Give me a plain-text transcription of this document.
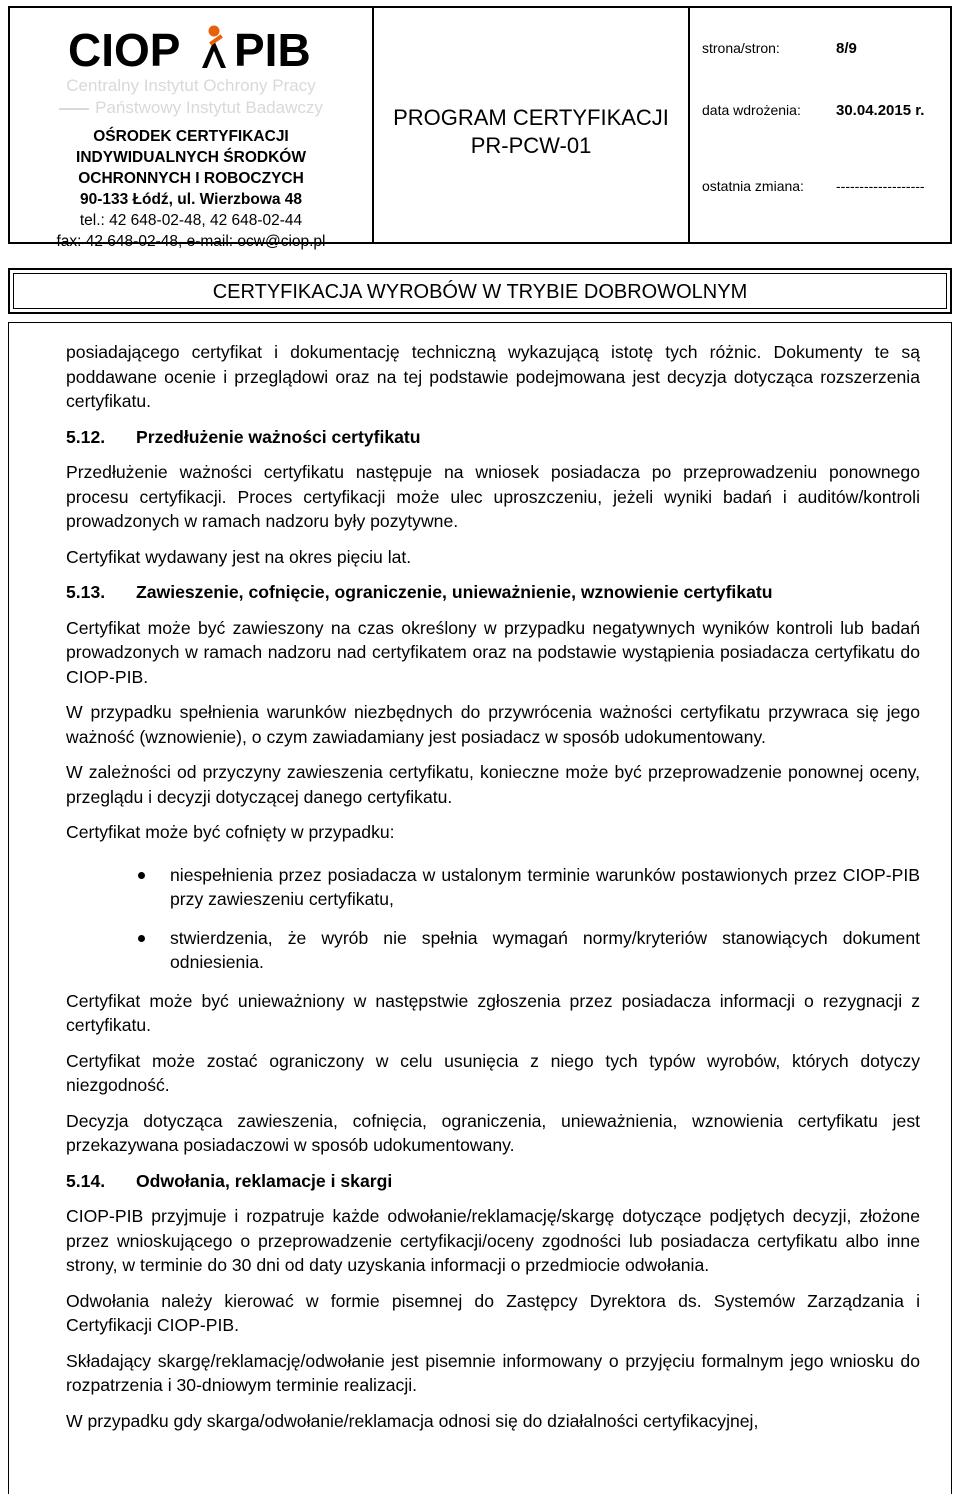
CIOP PIB
Centralny Instytut Ochrony Pracy
Państwowy Instytut Badawczy
OŚRODEK CERTYFIKACJI
INDYWIDUALNYCH ŚRODKÓW
OCHRONNYCH I ROBOCZYCH
90-133 Łódź, ul. Wierzbowa 48
tel.: 42 648-02-48, 42 648-02-44
fax: 42 648-02-48, e-mail: ocw@ciop.pl
PROGRAM CERTYFIKACJI
PR-PCW-01
strona/stron:	8/9
data wdrożenia: 30.04.2015 r.
ostatnia zmiana: -------------------
CERTYFIKACJA WYROBÓW W TRYBIE DOBROWOLNYM

posiadającego certyfikat i dokumentację techniczną wykazującą istotę tych różnic. Dokumenty te są poddawane ocenie i przeglądowi oraz na tej podstawie podejmowana jest decyzja dotycząca rozszerzenia certyfikatu.

5.12. Przedłużenie ważności certyfikatu

Przedłużenie ważności certyfikatu następuje na wniosek posiadacza po przeprowadzeniu ponownego procesu certyfikacji. Proces certyfikacji może ulec uproszczeniu, jeżeli wyniki badań i auditów/kontroli prowadzonych w ramach nadzoru były pozytywne.

Certyfikat wydawany jest na okres pięciu lat.

5.13. Zawieszenie, cofnięcie, ograniczenie, unieważnienie, wznowienie certyfikatu

Certyfikat może być zawieszony na czas określony w przypadku negatywnych wyników kontroli lub badań prowadzonych w ramach nadzoru nad certyfikatem oraz na podstawie wystąpienia posiadacza certyfikatu do CIOP-PIB.

W przypadku spełnienia warunków niezbędnych do przywrócenia ważności certyfikatu przywraca się jego ważność (wznowienie), o czym zawiadamiany jest posiadacz w sposób udokumentowany.

W zależności od przyczyny zawieszenia certyfikatu, konieczne może być przeprowadzenie ponownej oceny, przeglądu i decyzji dotyczącej danego certyfikatu.

Certyfikat może być cofnięty w przypadku:

niespełnienia przez posiadacza w ustalonym terminie warunków postawionych przez CIOP-PIB przy zawieszeniu certyfikatu,
stwierdzenia, że wyrób nie spełnia wymagań normy/kryteriów stanowiących dokument odniesienia.

Certyfikat może być unieważniony w następstwie zgłoszenia przez posiadacza informacji o rezygnacji z certyfikatu.

Certyfikat może zostać ograniczony w celu usunięcia z niego tych typów wyrobów, których dotyczy niezgodność.

Decyzja dotycząca zawieszenia, cofnięcia, ograniczenia, unieważnienia, wznowienia certyfikatu jest przekazywana posiadaczowi w sposób udokumentowany.

5.14. Odwołania, reklamacje i skargi

CIOP-PIB przyjmuje i rozpatruje każde odwołanie/reklamację/skargę dotyczące podjętych decyzji, złożone przez wnioskującego o przeprowadzenie certyfikacji/oceny zgodności lub posiadacza certyfikatu albo inne strony, w terminie do 30 dni od daty uzyskania informacji o przedmiocie odwołania.

Odwołania należy kierować w formie pisemnej do Zastępcy Dyrektora ds. Systemów Zarządzania i Certyfikacji CIOP-PIB.

Składający skargę/reklamację/odwołanie jest pisemnie informowany o przyjęciu formalnym jego wniosku do rozpatrzenia i 30-dniowym terminie realizacji.

W przypadku gdy skarga/odwołanie/reklamacja odnosi się do działalności certyfikacyjnej,
